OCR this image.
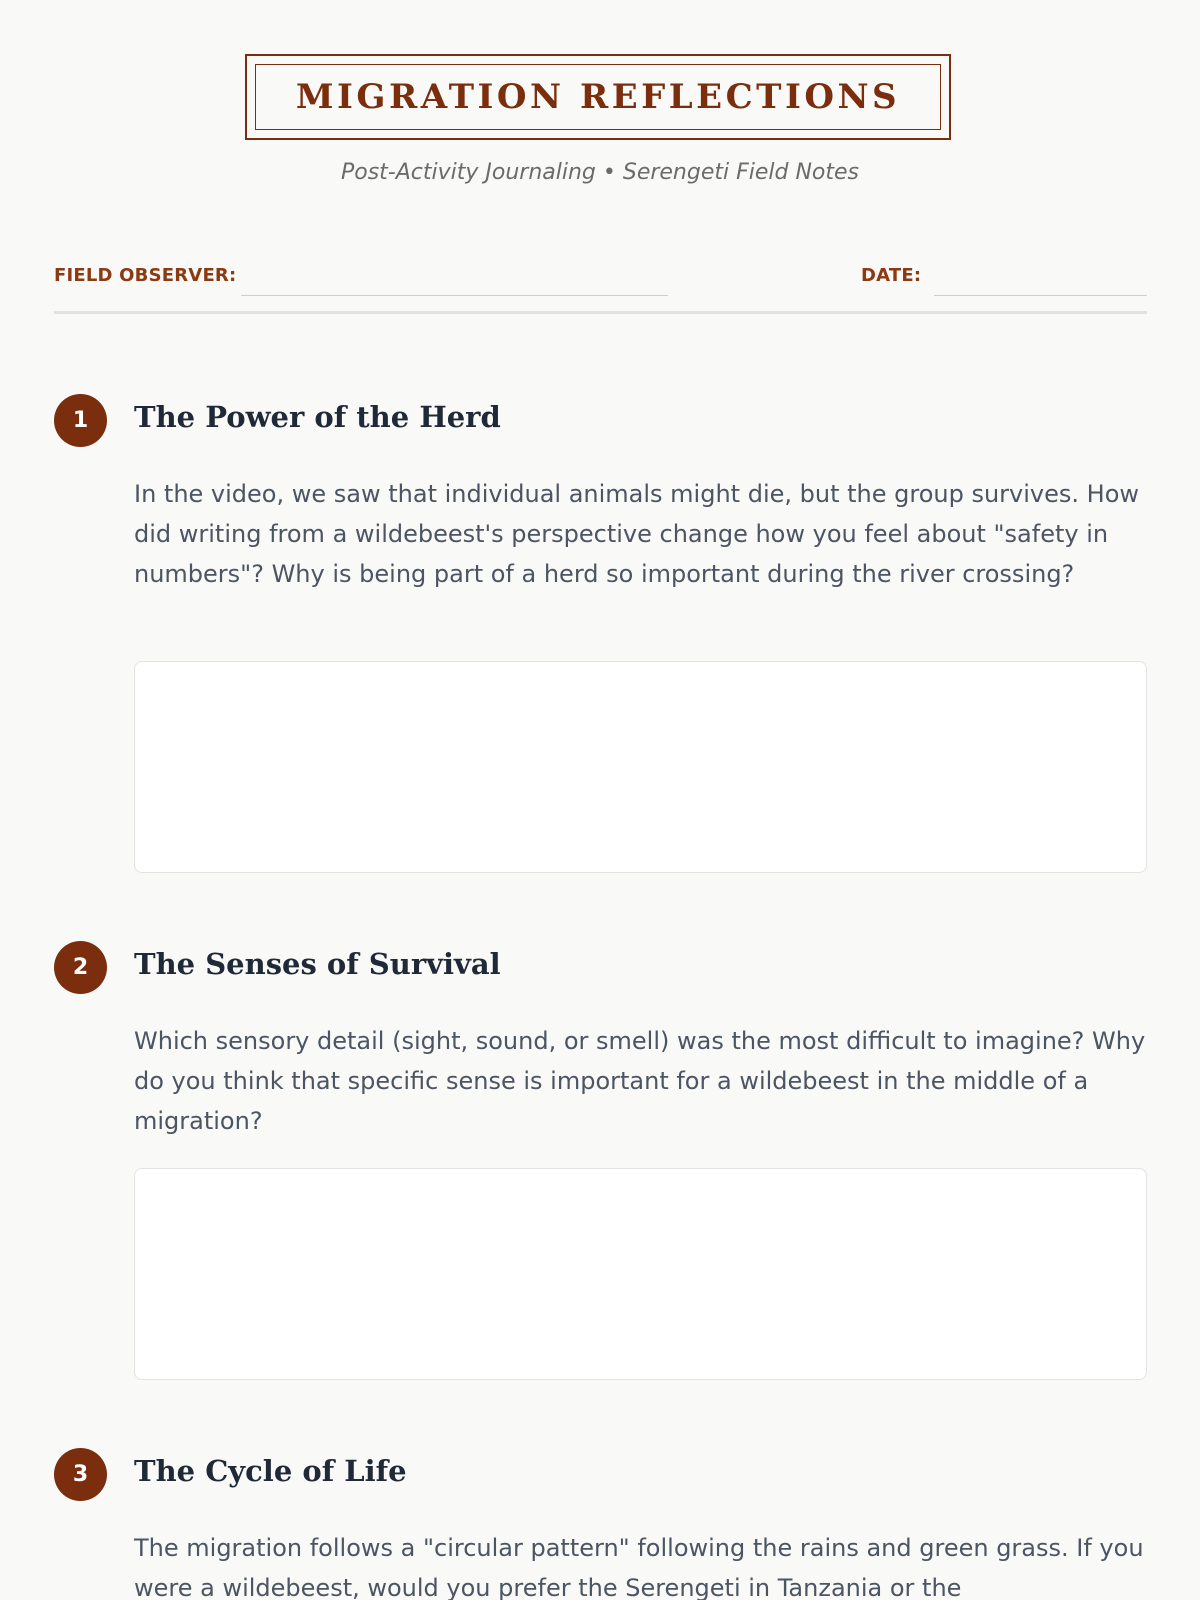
MIGRATION REFLECTIONS
Post-Activity Journaling • Serengeti Field Notes
FIELD OBSERVER:	DATE:
1	The Power of the Herd
In the video, we saw that individual animals might die, but the group survives. How did writing from a wildebeest's perspective change how you feel about "safety in numbers"? Why is being part of a herd so important during the river crossing?
2	The Senses of Survival
Which sensory detail (sight, sound, or smell) was the most difficult to imagine? Why do you think that specific sense is important for a wildebeest in the middle of a migration?
3	The Cycle of Life
The migration follows a "circular pattern" following the rains and green grass. If you were a wildebeest, would you prefer the Serengeti in Tanzania or the
